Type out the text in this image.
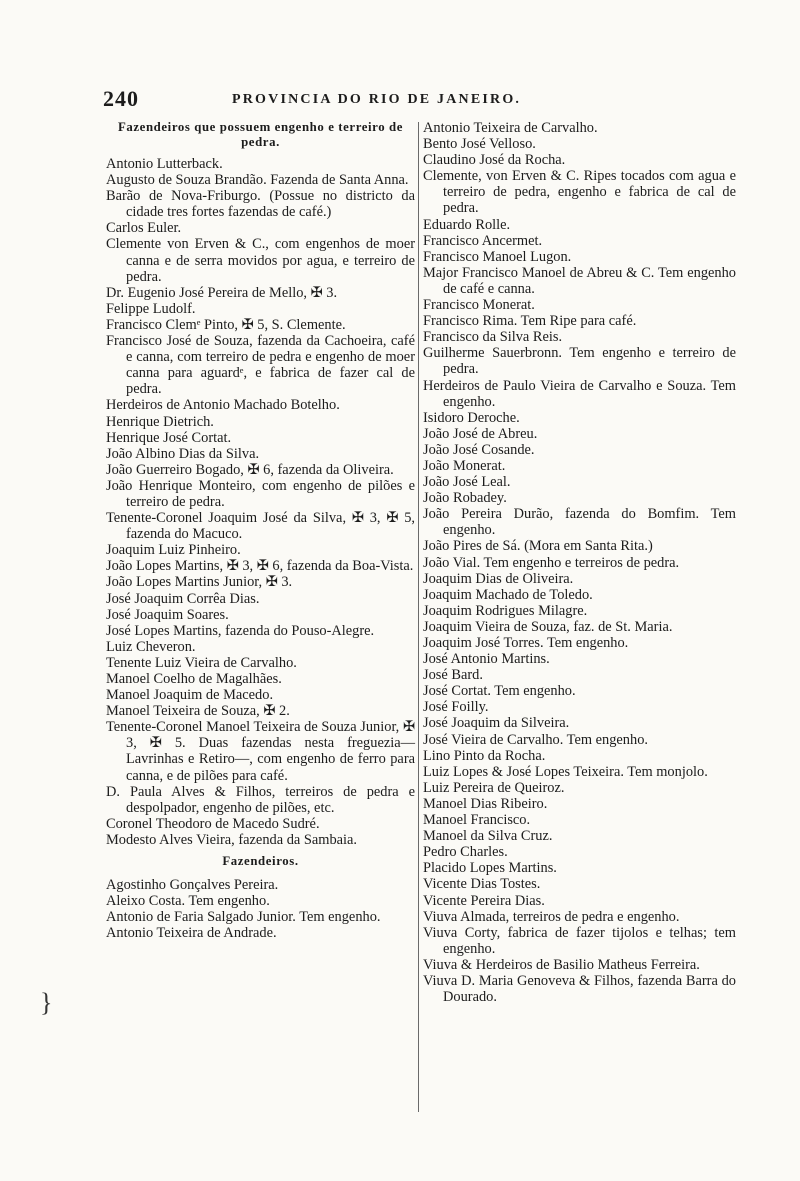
240	PROVINCIA DO RIO DE JANEIRO.

Fazendeiros que possuem engenho e terreiro de pedra.

Antonio Lutterback.

Augusto de Souza Brandão. Fazenda de Santa Anna.

Barão de Nova-Friburgo. (Possue no districto da cidade tres fortes fazendas de café.)

Carlos Euler.

Clemente von Erven & C., com engenhos de moer canna e de serra movidos por agua, e terreiro de pedra.

Dr. Eugenio José Pereira de Mello, ✠ 3.

Felippe Ludolf.

Francisco Clemᵉ Pinto, ✠ 5, S. Clemente.

Francisco José de Souza, fazenda da Cachoeira, café e canna, com terreiro de pedra e engenho de moer canna para aguardᵉ, e fabrica de fazer cal de pedra.

Herdeiros de Antonio Machado Botelho.

Henrique Dietrich.

Henrique José Cortat.

João Albino Dias da Silva.

João Guerreiro Bogado, ✠ 6, fazenda da Oliveira.

João Henrique Monteiro, com engenho de pilões e terreiro de pedra.

Tenente-Coronel Joaquim José da Silva, ✠ 3, ✠ 5, fazenda do Macuco.

Joaquim Luiz Pinheiro.

João Lopes Martins, ✠ 3, ✠ 6, fazenda da Boa-Vista.

João Lopes Martins Junior, ✠ 3.

José Joaquim Corrêa Dias.

José Joaquim Soares.

José Lopes Martins, fazenda do Pouso-Alegre.

Luiz Cheveron.

Tenente Luiz Vieira de Carvalho.

Manoel Coelho de Magalhães.

Manoel Joaquim de Macedo.

Manoel Teixeira de Souza, ✠ 2.

Tenente-Coronel Manoel Teixeira de Souza Junior, ✠ 3, ✠ 5. Duas fazendas nesta freguezia—Lavrinhas e Retiro—, com engenho de ferro para canna, e de pilões para café.

D. Paula Alves & Filhos, terreiros de pedra e despolpador, engenho de pilões, etc.

Coronel Theodoro de Macedo Sudré.

Modesto Alves Vieira, fazenda da Sambaia.

Fazendeiros.

Agostinho Gonçalves Pereira.

Aleixo Costa. Tem engenho.

Antonio de Faria Salgado Junior. Tem engenho.

Antonio Teixeira de Andrade.

Antonio Teixeira de Carvalho.

Bento José Velloso.

Claudino José da Rocha.

Clemente, von Erven & C. Ripes tocados com agua e terreiro de pedra, engenho e fabrica de cal de pedra.

Eduardo Rolle.

Francisco Ancermet.

Francisco Manoel Lugon.

Major Francisco Manoel de Abreu & C. Tem engenho de café e canna.

Francisco Monerat.

Francisco Rima. Tem Ripe para café.

Francisco da Silva Reis.

Guilherme Sauerbronn. Tem engenho e terreiro de pedra.

Herdeiros de Paulo Vieira de Carvalho e Souza. Tem engenho.

Isidoro Deroche.

João José de Abreu.

João José Cosande.

João Monerat.

João José Leal.

João Robadey.

João Pereira Durão, fazenda do Bomfim. Tem engenho.

João Pires de Sá. (Mora em Santa Rita.)

João Vial. Tem engenho e terreiros de pedra.

Joaquim Dias de Oliveira.

Joaquim Machado de Toledo.

Joaquim Rodrigues Milagre.

Joaquim Vieira de Souza, faz. de St. Maria.

Joaquim José Torres. Tem engenho.

José Antonio Martins.

José Bard.

José Cortat. Tem engenho.

José Foilly.

José Joaquim da Silveira.

José Vieira de Carvalho. Tem engenho.

Lino Pinto da Rocha.

Luiz Lopes & José Lopes Teixeira. Tem monjolo.

Luiz Pereira de Queiroz.

Manoel Dias Ribeiro.

Manoel Francisco.

Manoel da Silva Cruz.

Pedro Charles.

Placido Lopes Martins.

Vicente Dias Tostes.

Vicente Pereira Dias.

Viuva Almada, terreiros de pedra e engenho.

Viuva Corty, fabrica de fazer tijolos e telhas; tem engenho.

Viuva & Herdeiros de Basilio Matheus Ferreira.

Viuva D. Maria Genoveva & Filhos, fazenda Barra do Dourado.

}
